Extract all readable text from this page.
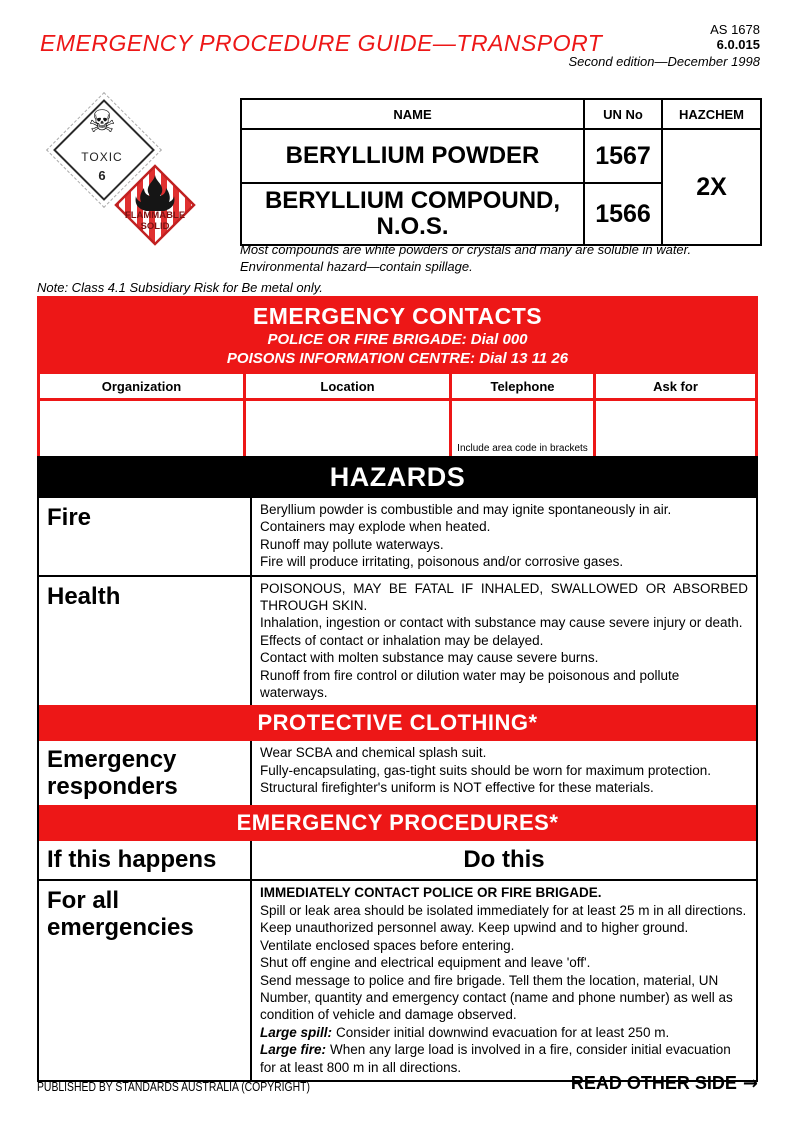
EMERGENCY PROCEDURE GUIDE—TRANSPORT
AS 1678
6.0.015
Second edition—December 1998
☠
TOXIC
6
FLAMMABLE
SOLID
NAME	UN No	HAZCHEM
BERYLLIUM POWDER	1567	2X
BERYLLIUM COMPOUND, N.O.S.	1566	
Most compounds are white powders or crystals and many are soluble in water.
Environmental hazard—contain spillage.
Note: Class 4.1 Subsidiary Risk for Be metal only.
EMERGENCY CONTACTS
POLICE OR FIRE BRIGADE: Dial 000
POISONS INFORMATION CENTRE: Dial 13 11 26
Organization	Location	Telephone	Ask for
Include area code in brackets
HAZARDS
Fire	Beryllium powder is combustible and may ignite spontaneously in air.

Containers may explode when heated.

Runoff may pollute waterways.

Fire will produce irritating, poisonous and/or corrosive gases.

Health	POISONOUS, MAY BE FATAL IF INHALED, SWALLOWED OR ABSORBED THROUGH SKIN.

Inhalation, ingestion or contact with substance may cause severe injury or death.

Effects of contact or inhalation may be delayed.

Contact with molten substance may cause severe burns.

Runoff from fire control or dilution water may be poisonous and pollute waterways.

PROTECTIVE CLOTHING*
Emergency responders

Wear SCBA and chemical splash suit.

Fully-encapsulating, gas-tight suits should be worn for maximum protection.

Structural firefighter's uniform is NOT effective for these materials.

EMERGENCY PROCEDURES*
If this happens	Do this
For all emergencies

IMMEDIATELY CONTACT POLICE OR FIRE BRIGADE.

Spill or leak area should be isolated immediately for at least 25 m in all directions.

Keep unauthorized personnel away. Keep upwind and to higher ground.

Ventilate enclosed spaces before entering.

Shut off engine and electrical equipment and leave 'off'.

Send message to police and fire brigade. Tell them the location, material, UN Number, quantity and emergency contact (name and phone number) as well as condition of vehicle and damage observed.

Large spill: Consider initial downwind evacuation for at least 250 m.

Large fire: When any large load is involved in a fire, consider initial evacuation for at least 800 m in all directions.

PUBLISHED BY STANDARDS AUSTRALIA (COPYRIGHT)	READ OTHER SIDE →
